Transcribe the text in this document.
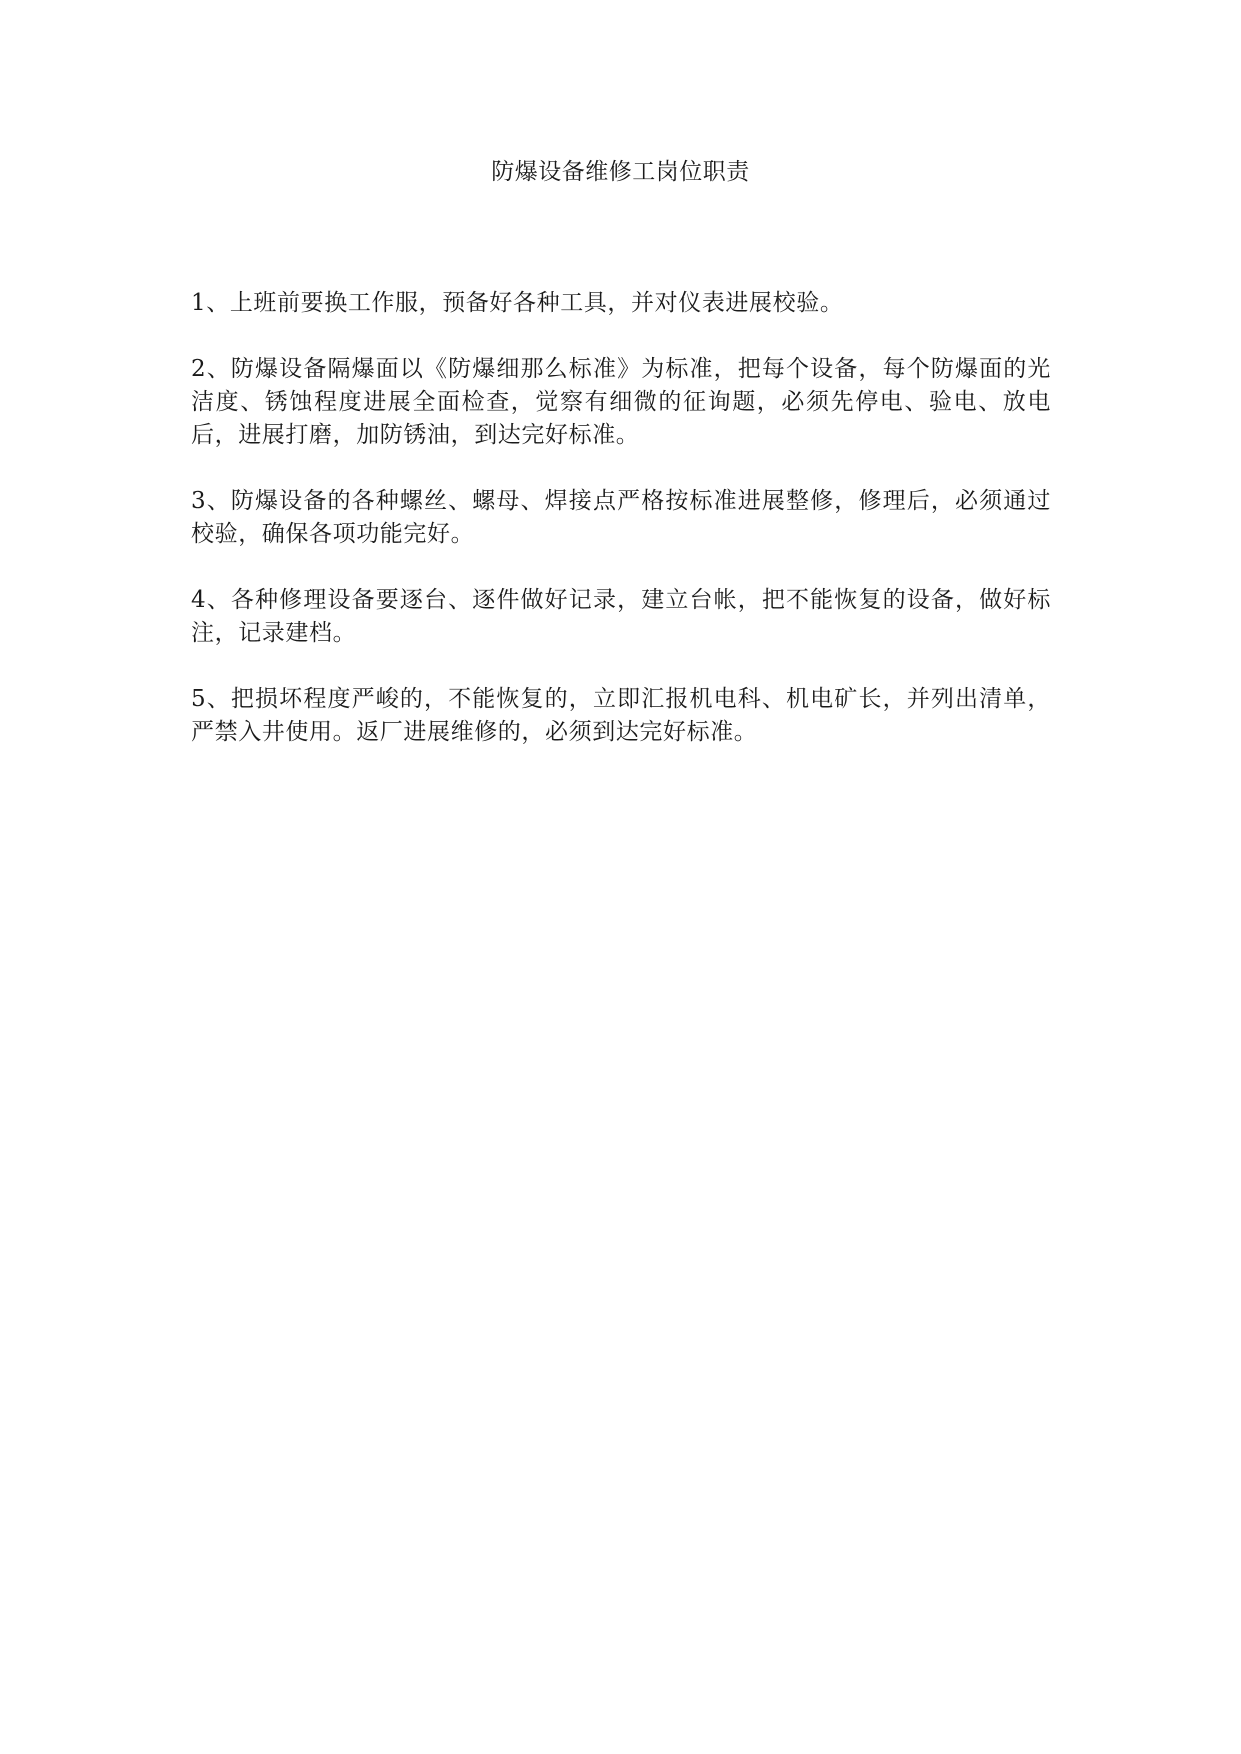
防爆设备维修工岗位职责

1、上班前要换工作服，预备好各种工具，并对仪表进展校验。

2、防爆设备隔爆面以《防爆细那么标准》为标准，把每个设备，每个防爆面的光洁度、锈蚀程度进展全面检查，觉察有细微的征询题，必须先停电、验电、放电后，进展打磨，加防锈油，到达完好标准。

3、防爆设备的各种螺丝、螺母、焊接点严格按标准进展整修，修理后，必须通过校验，确保各项功能完好。

4、各种修理设备要逐台、逐件做好记录，建立台帐，把不能恢复的设备，做好标注，记录建档。

5、把损坏程度严峻的，不能恢复的，立即汇报机电科、机电矿长，并列出清单，严禁入井使用。返厂进展维修的，必须到达完好标准。
